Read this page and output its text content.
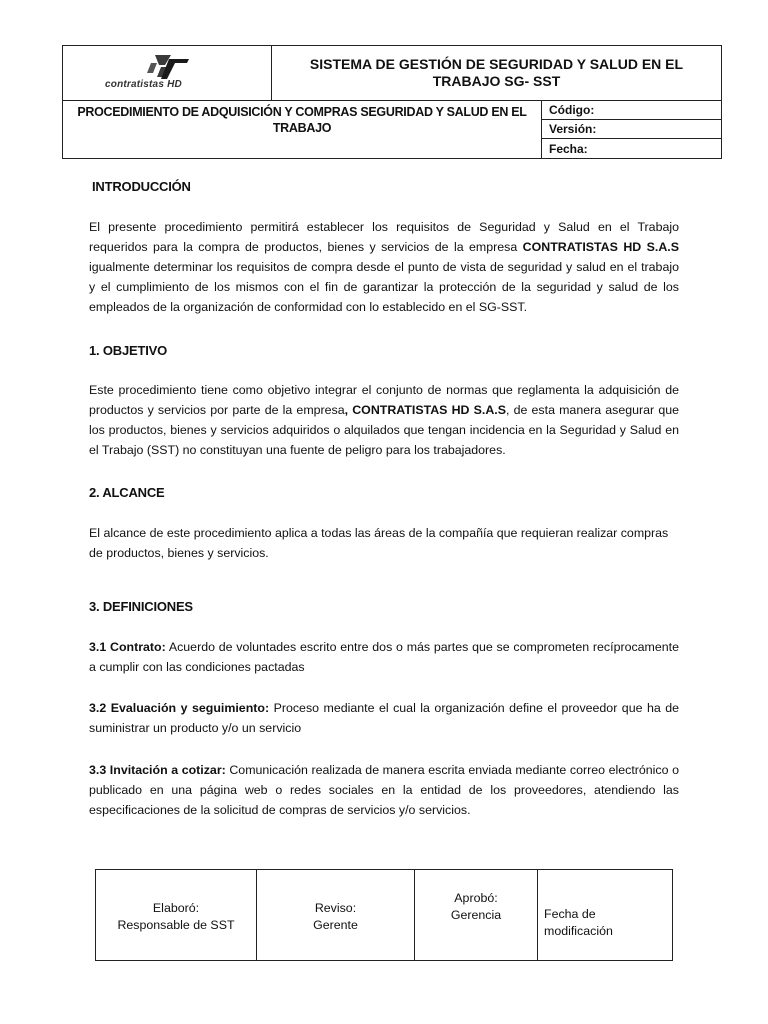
contratistas HD
SISTEMA DE GESTIÓN DE SEGURIDAD Y SALUD EN EL TRABAJO SG- SST
PROCEDIMIENTO DE ADQUISICIÓN Y COMPRAS SEGURIDAD Y SALUD EN EL TRABAJO
Código:
Versión:
Fecha:
INTRODUCCIÓN
El presente procedimiento permitirá establecer los requisitos de Seguridad y Salud en el Trabajo requeridos para la compra de productos, bienes y servicios de la empresa CONTRATISTAS HD S.A.S igualmente determinar los requisitos de compra desde el punto de vista de seguridad y salud en el trabajo y el cumplimiento de los mismos con el fin de garantizar la protección de la seguridad y salud de los empleados de la organización de conformidad con lo establecido en el SG-SST.
1. OBJETIVO
Este procedimiento tiene como objetivo integrar el conjunto de normas que reglamenta la adquisición de productos y servicios por parte de la empresa, CONTRATISTAS HD S.A.S, de esta manera asegurar que los productos, bienes y servicios adquiridos o alquilados que tengan incidencia en la Seguridad y Salud en el Trabajo (SST) no constituyan una fuente de peligro para los trabajadores.
2. ALCANCE
El alcance de este procedimiento aplica a todas las áreas de la compañía que requieran realizar compras de productos, bienes y servicios.
3. DEFINICIONES
3.1 Contrato: Acuerdo de voluntades escrito entre dos o más partes que se comprometen recíprocamente a cumplir con las condiciones pactadas
3.2 Evaluación y seguimiento: Proceso mediante el cual la organización define el proveedor que ha de suministrar un producto y/o un servicio
3.3 Invitación a cotizar: Comunicación realizada de manera escrita enviada mediante correo electrónico o publicado en una página web o redes sociales en la entidad de los proveedores, atendiendo las especificaciones de la solicitud de compras de servicios y/o servicios.
Elaboró:
Responsable de SST
Reviso:
Gerente
Aprobó:
Gerencia	Fecha de modificación
